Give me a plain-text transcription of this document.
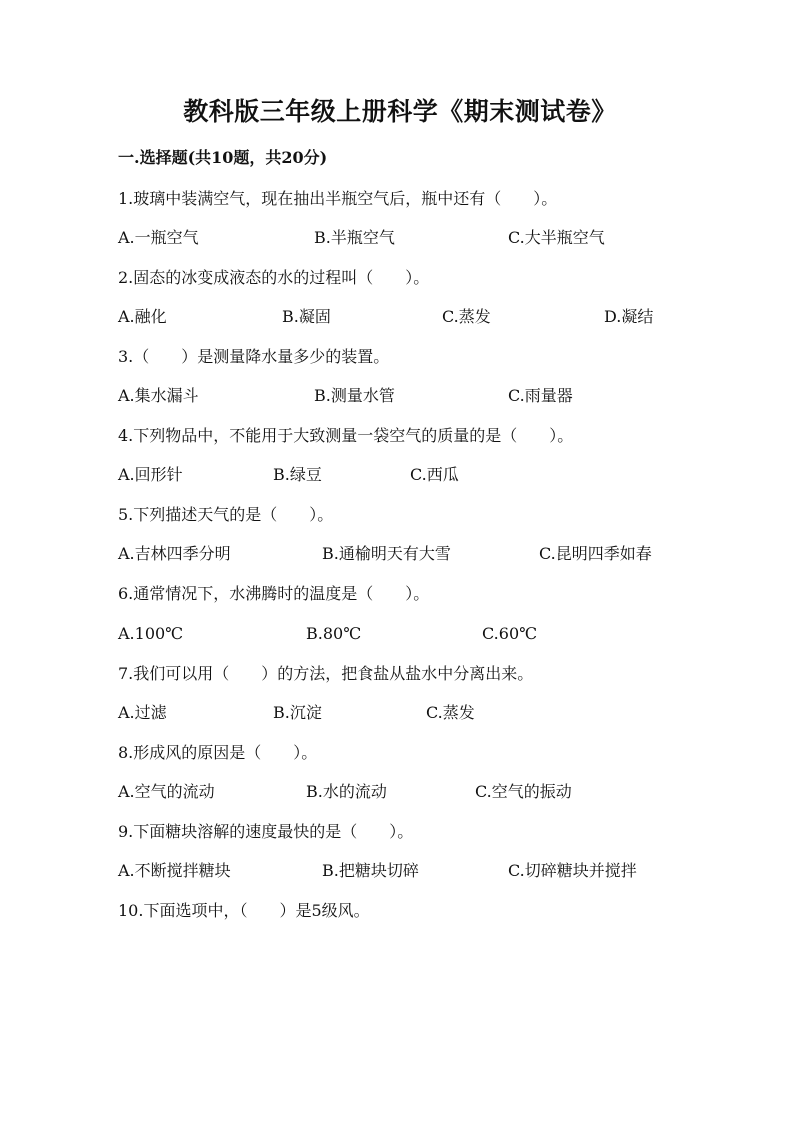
教科版三年级上册科学《期末测试卷》
一.选择题(共10题，共20分)
1.玻璃中装满空气，现在抽出半瓶空气后，瓶中还有（　　）。
A.一瓶空气	B.半瓶空气	C.大半瓶空气
2.固态的冰变成液态的水的过程叫（　　）。
A.融化	B.凝固	C.蒸发	D.凝结
3.（　　）是测量降水量多少的装置。
A.集水漏斗	B.测量水管	C.雨量器
4.下列物品中，不能用于大致测量一袋空气的质量的是（　　）。
A.回形针	B.绿豆	C.西瓜
5.下列描述天气的是（　　）。
A.吉林四季分明	B.通榆明天有大雪	C.昆明四季如春
6.通常情况下，水沸腾时的温度是（　　）。
A.100℃	B.80℃	C.60℃
7.我们可以用（　　）的方法，把食盐从盐水中分离出来。
A.过滤	B.沉淀	C.蒸发
8.形成风的原因是（　　）。
A.空气的流动	B.水的流动	C.空气的振动
9.下面糖块溶解的速度最快的是（　　）。
A.不断搅拌糖块	B.把糖块切碎	C.切碎糖块并搅拌
10.下面选项中，（　　）是5级风。
